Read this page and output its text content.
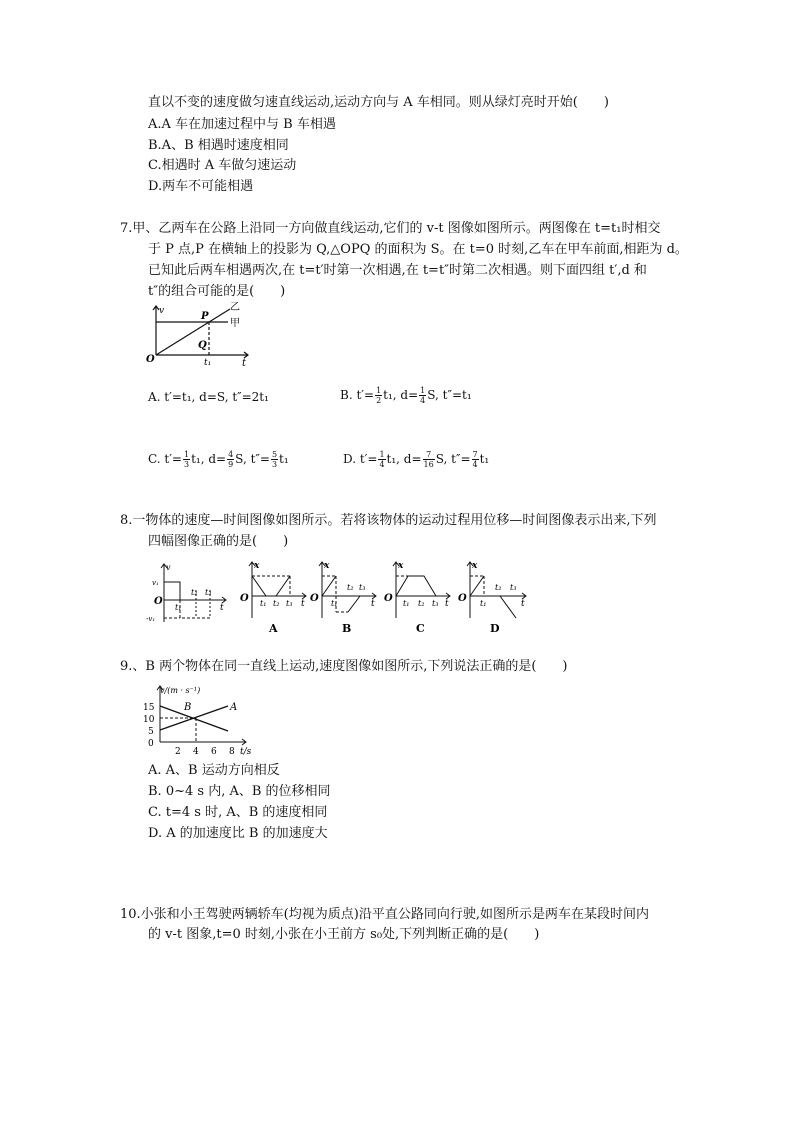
直以不变的速度做匀速直线运动,运动方向与 A 车相同。则从绿灯亮时开始(　　)
A.A 车在加速过程中与 B 车相遇
B.A、B 相遇时速度相同
C.相遇时 A 车做匀速运动
D.两车不可能相遇
7.甲、乙两车在公路上沿同一方向做直线运动,它们的 v-t 图像如图所示。两图像在 t=t₁时相交
于 P 点,P 在横轴上的投影为 Q,△OPQ 的面积为 S。在 t=0 时刻,乙车在甲车前面,相距为 d。
已知此后两车相遇两次,在 t=t′时第一次相遇,在 t=t″时第二次相遇。则下面四组 t′,d 和
t″的组合可能的是(　　)
v
O	t
P
Q
t₁
甲
乙
A. t′=t₁, d=S, t″=2t₁	B. $t'= \frac{1}{2} t_1$, $d= \frac{1}{4} S$, t″=t₁
C. $t'= \frac{1}{3} t_1$, $d= \frac{4}{9} S$, $t''= \frac{5}{3} t_1$	D. $t'= \frac{1}{4} t_1$, $d= \frac{7}{16} S$, $t''= \frac{7}{4} t_1$
8.一物体的速度—时间图像如图所示。若将该物体的运动过程用位移—时间图像表示出来,下列
四幅图像正确的是(　　)
v
v₁
O
-v₁
t₁
t₂ t₃
t
x
O t₁ t₂ t₃ t
A
x
O t₁
t₂ t₃
t
B
x
O t₁ t₂ t₃ t
C
x
O t₁
t₂ t₃
t
D
9.、B 两个物体在同一直线上运动,速度图像如图所示,下列说法正确的是(　　)
v/(m · s⁻¹)
15
10
5
0
2 4 6 8 t/s
B	A
A. A、B 运动方向相反
B. 0~4 s 内, A、B 的位移相同
C. t=4 s 时, A、B 的速度相同
D. A 的加速度比 B 的加速度大
10.小张和小王驾驶两辆轿车(均视为质点)沿平直公路同向行驶,如图所示是两车在某段时间内
的 v-t 图象,t=0 时刻,小张在小王前方 s₀处,下列判断正确的是(　　)
